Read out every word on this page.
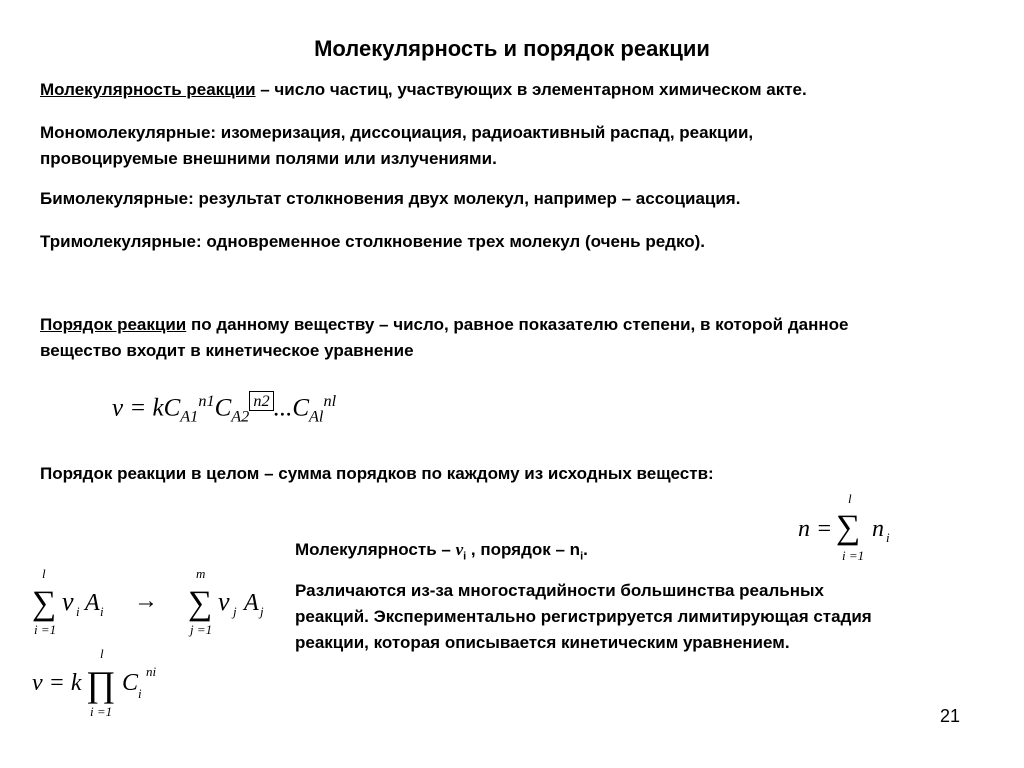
Молекулярность и порядок реакции
Молекулярность реакции – число частиц, участвующих в элементарном химическом акте.
Мономолекулярные: изомеризация, диссоциация, радиоактивный распад, реакции,
провоцируемые внешними полями или излучениями.
Бимолекулярные: результат столкновения двух молекул, например – ассоциация.
Тримолекулярные: одновременное столкновение трех молекул (очень редко).
Порядок реакции по данному веществу – число, равное показателю степени, в которой данное
вещество входит в кинетическое уравнение
$v = kC_{A1}^{n1}C_{A2}^{n2}$ $...C_{Al}^{nl}$
Порядок реакции в целом – сумма порядков по каждому из исходных веществ:
n =
l
∑
i =1
n i
l
∑
i =1
ν i A i →
m
∑
j =1
ν j A j
v = k
l
∏
i =1
C i
ni
Молекулярность – $\nu_i$ , порядок – $n_i$.
Различаются из-за многостадийности большинства реальных
реакций. Экспериментально регистрируется лимитирующая стадия
реакции, которая описывается кинетическим уравнением.
21
